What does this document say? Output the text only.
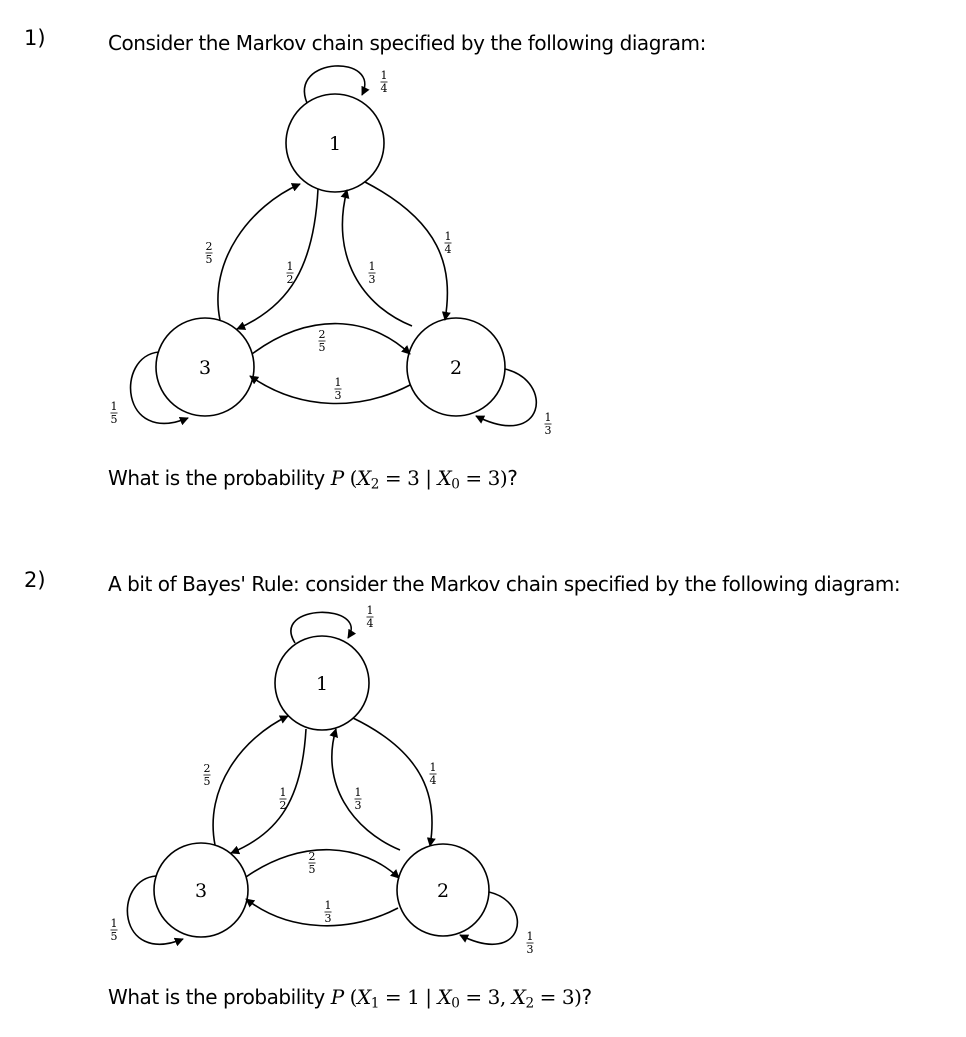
1)	Consider the Markov chain specified by the following diagram:
1
2
3
1
4
1
4
1
2
1
3
1
3
1
3
2
5
2
5
1
5
What is the probability P ($X_2 = 3$ | $X_0 = 3$)?
2)	A bit of Bayes' Rule: consider the Markov chain specified by the following diagram:
1
2
3
1
4
1
4
1
2
1
3
1
3
1
3
2
5
2
5
1
5
What is the probability P ($X_1 = 1$ | $X_0 = 3$, $X_2 = 3$)?
